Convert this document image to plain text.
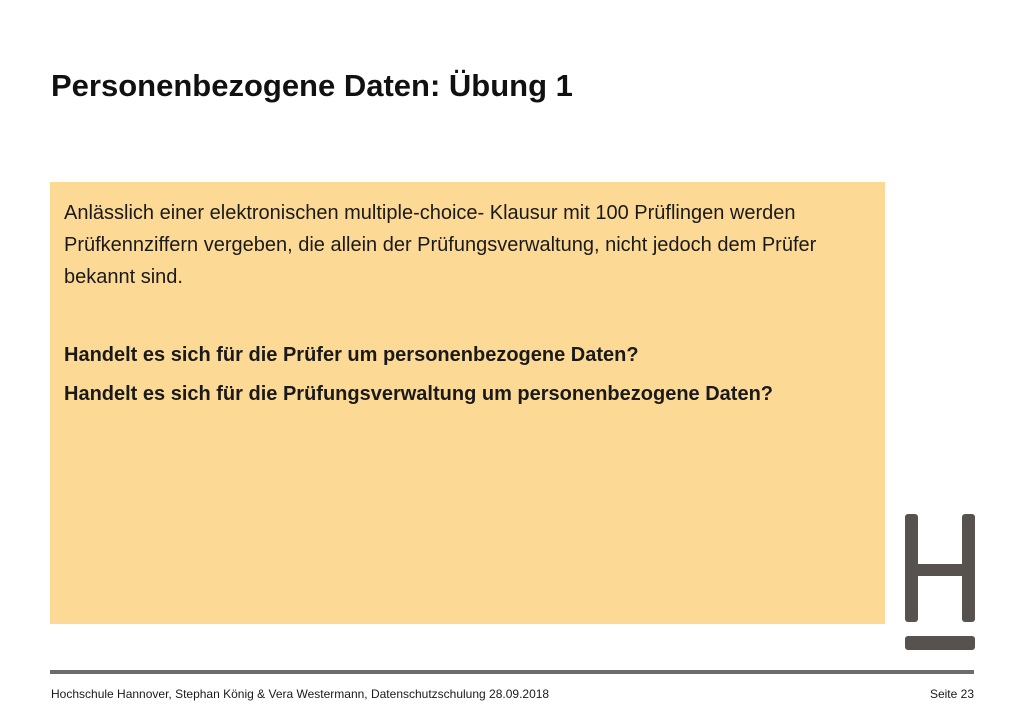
Personenbezogene Daten: Übung 1

Anlässlich einer elektronischen multiple-choice- Klausur mit 100 Prüflingen werden Prüfkennziffern vergeben, die allein der Prüfungsverwaltung, nicht jedoch dem Prüfer bekannt sind.

Handelt es sich für die Prüfer um personenbezogene Daten?

Handelt es sich für die Prüfungsverwaltung um personenbezogene Daten?

Hochschule Hannover, Stephan König & Vera Westermann, Datenschutzschulung 28.09.2018	Seite 23
